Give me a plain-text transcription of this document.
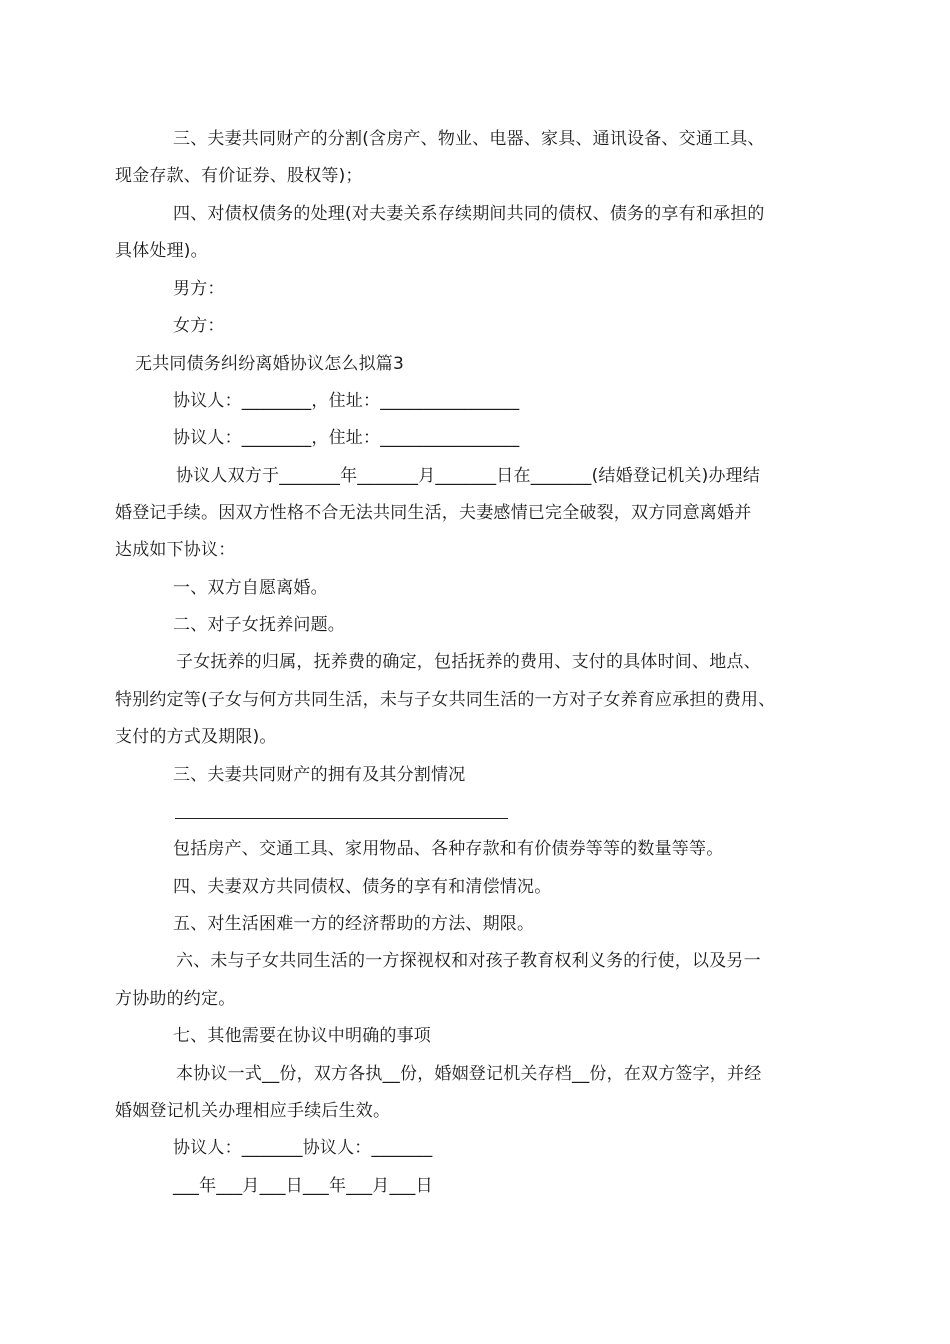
三、夫妻共同财产的分割(含房产、物业、电器、家具、通讯设备、交通工具、
现金存款、有价证券、股权等)；
四、对债权债务的处理(对夫妻关系存续期间共同的债权、债务的享有和承担的
具体处理)。
男方：
女方：
无共同债务纠纷离婚协议怎么拟篇3
协议人：________，住址：________________
协议人：________，住址：________________
协议人双方于_______年_______月_______日在_______(结婚登记机关)办理结
婚登记手续。因双方性格不合无法共同生活，夫妻感情已完全破裂，双方同意离婚并
达成如下协议：
一、双方自愿离婚。
二、对子女抚养问题。
子女抚养的归属，抚养费的确定，包括抚养的费用、支付的具体时间、地点、
特别约定等(子女与何方共同生活，未与子女共同生活的一方对子女养育应承担的费用、
支付的方式及期限)。
三、夫妻共同财产的拥有及其分割情况
包括房产、交通工具、家用物品、各种存款和有价债券等等的数量等等。
四、夫妻双方共同债权、债务的享有和清偿情况。
五、对生活困难一方的经济帮助的方法、期限。
六、未与子女共同生活的一方探视权和对孩子教育权利义务的行使，以及另一
方协助的约定。
七、其他需要在协议中明确的事项
本协议一式__份，双方各执__份，婚姻登记机关存档__份，在双方签字，并经
婚姻登记机关办理相应手续后生效。
协议人：_______协议人：_______
___年___月___日___年___月___日
